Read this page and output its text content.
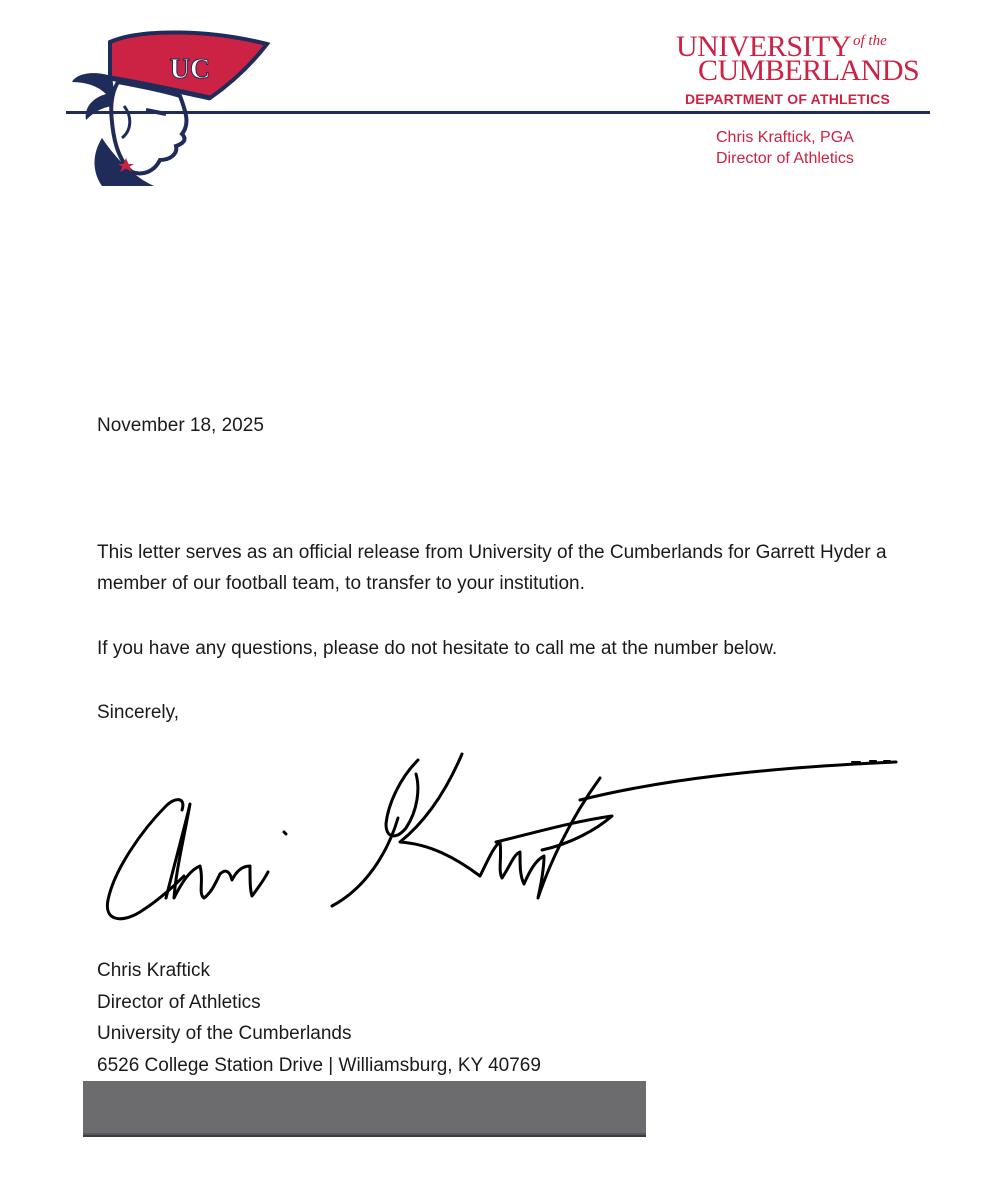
UC
UNIVERSITY $^{of the}$
CUMBERLANDS
DEPARTMENT OF ATHLETICS
Chris Kraftick, PGA
Director of Athletics
November 18, 2025
This letter serves as an official release from University of the Cumberlands for Garrett Hyder a member of our football team, to transfer to your institution.
If you have any questions, please do not hesitate to call me at the number below.
Sincerely,
Chris Kraftick
Director of Athletics
University of the Cumberlands
6526 College Station Drive | Williamsburg, KY 40769
